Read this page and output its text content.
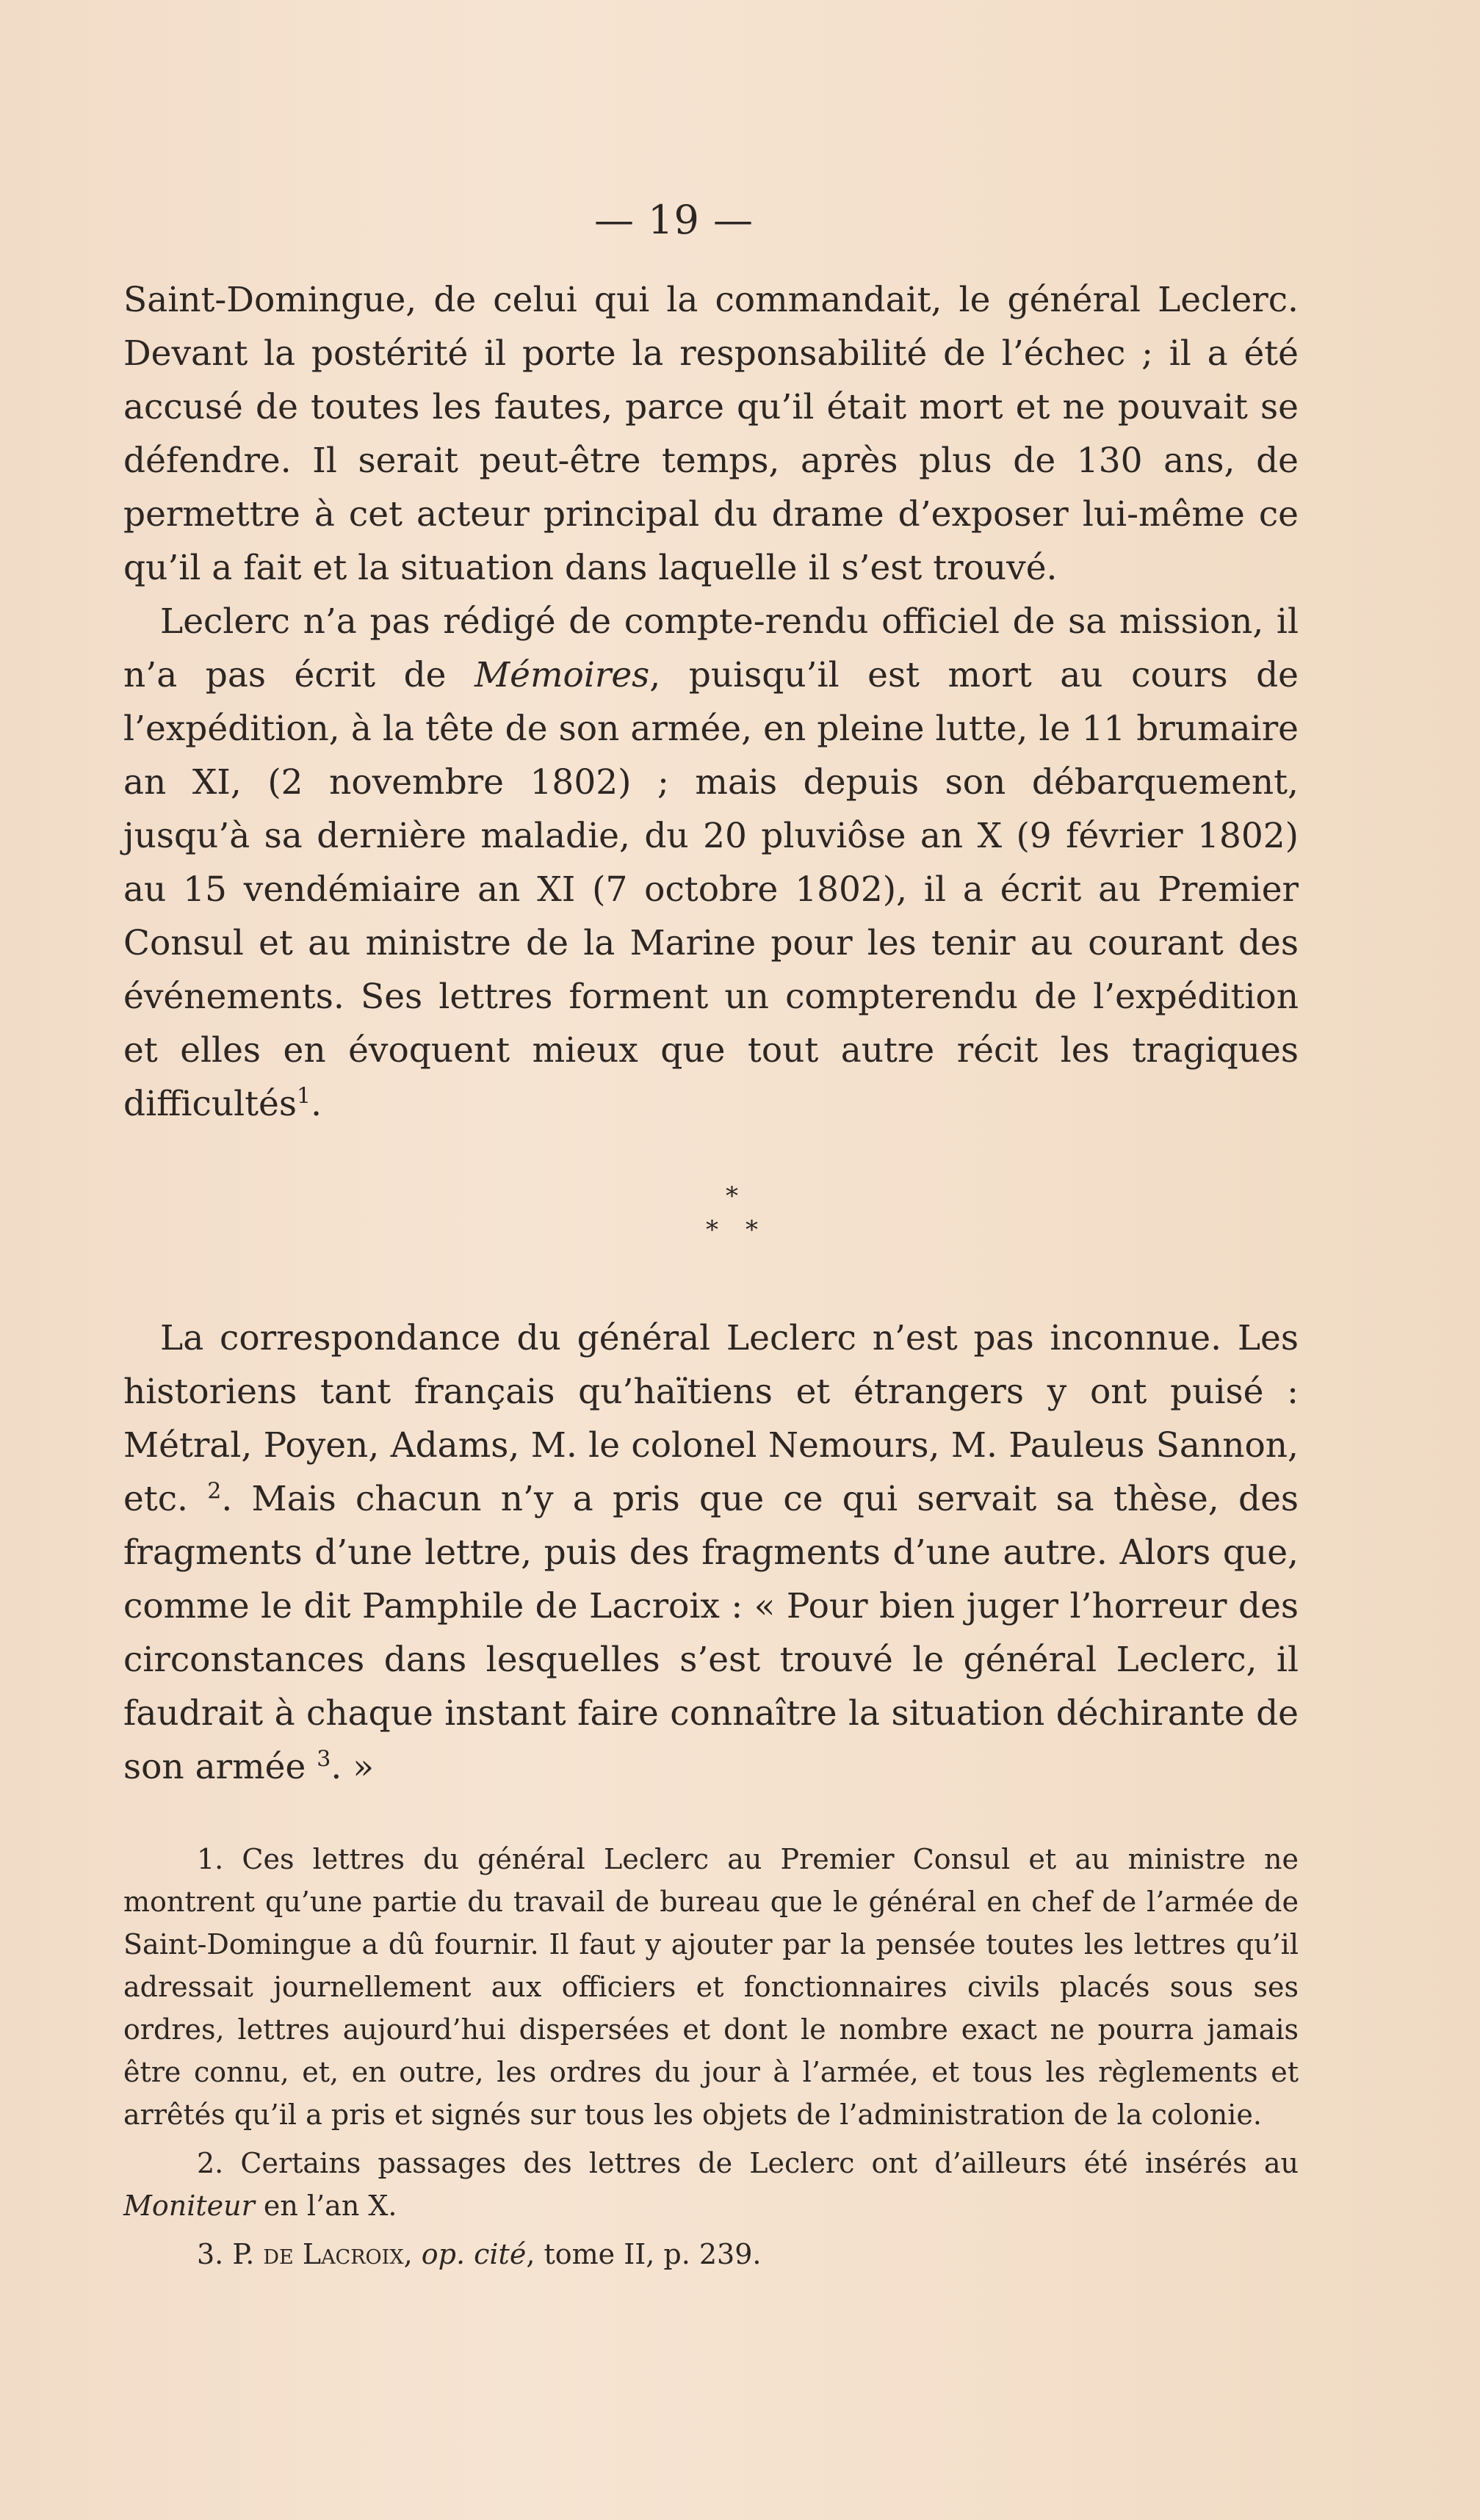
— 19 —

Saint-Domingue, de celui qui la commandait, le général Leclerc. Devant la postérité il porte la responsabilité de l’échec ; il a été accusé de toutes les fautes, parce qu’il était mort et ne pouvait se défendre. Il serait peut-être temps, après plus de 130 ans, de permettre à cet acteur principal du drame d’exposer lui-même ce qu’il a fait et la situation dans laquelle il s’est trouvé.

Leclerc n’a pas rédigé de compte-rendu officiel de sa mission, il n’a pas écrit de Mémoires, puisqu’il est mort au cours de l’expédition, à la tête de son armée, en pleine lutte, le 11 brumaire an XI, (2 novembre 1802) ; mais depuis son débarquement, jusqu’à sa dernière maladie, du 20 pluviôse an X (9 février 1802) au 15 vendémiaire an XI (7 octobre 1802), il a écrit au Premier Consul et au ministre de la Marine pour les tenir au courant des événements. Ses lettres forment un compterendu de l’expédition et elles en évoquent mieux que tout autre récit les tragiques difficultés$^1$.

*
* *

La correspondance du général Leclerc n’est pas inconnue. Les historiens tant français qu’haïtiens et étrangers y ont puisé : Métral, Poyen, Adams, M. le colonel Nemours, M. Pauleus Sannon, etc. $^2$. Mais chacun n’y a pris que ce qui servait sa thèse, des fragments d’une lettre, puis des fragments d’une autre. Alors que, comme le dit Pamphile de Lacroix : « Pour bien juger l’horreur des circonstances dans lesquelles s’est trouvé le général Leclerc, il faudrait à chaque instant faire connaître la situation déchirante de son armée $^3$. »

1. Ces lettres du général Leclerc au Premier Consul et au ministre ne montrent qu’une partie du travail de bureau que le général en chef de l’armée de Saint-Domingue a dû fournir. Il faut y ajouter par la pensée toutes les lettres qu’il adressait journellement aux officiers et fonctionnaires civils placés sous ses ordres, lettres aujourd’hui dispersées et dont le nombre exact ne pourra jamais être connu, et, en outre, les ordres du jour à l’armée, et tous les règlements et arrêtés qu’il a pris et signés sur tous les objets de l’administration de la colonie.

2. Certains passages des lettres de Leclerc ont d’ailleurs été insérés au Moniteur en l’an X.

3. P. de Lacroix, op. cité, tome II, p. 239.
